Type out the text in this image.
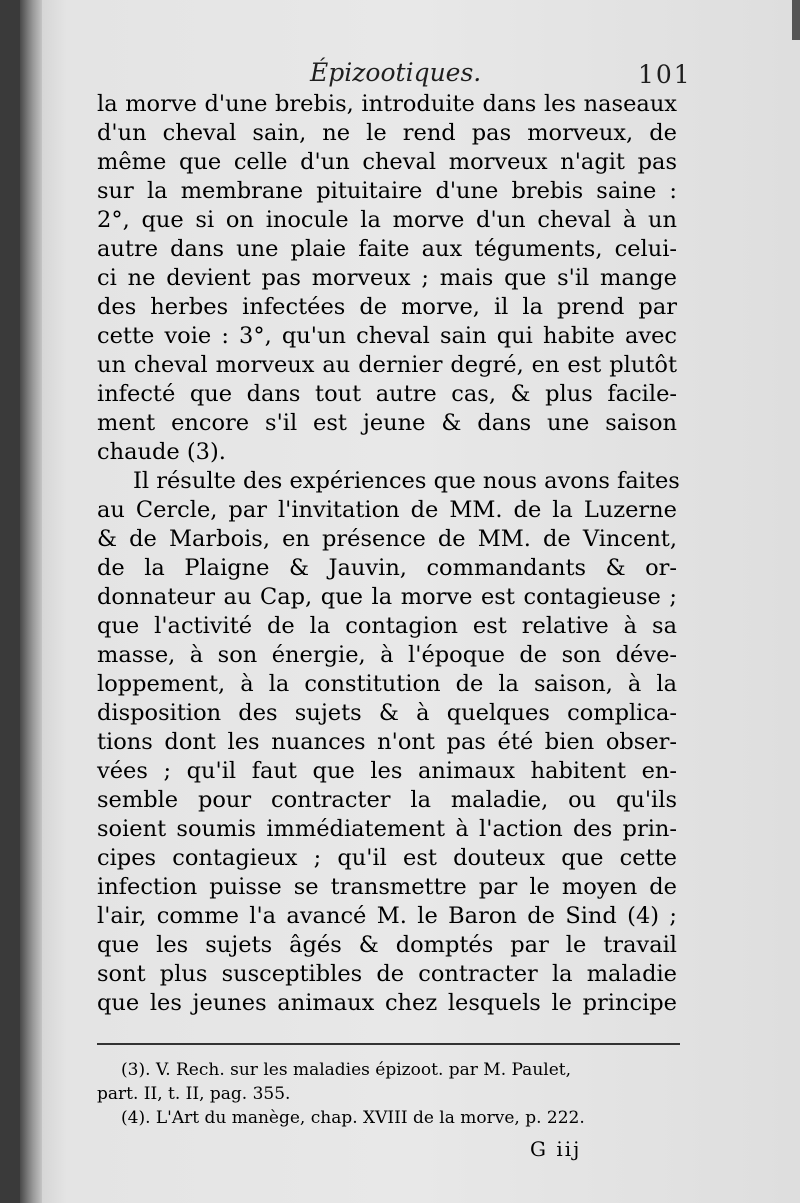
Épizootiques.	101
la morve d'une brebis, introduite dans les naseaux
d'un cheval sain, ne le rend pas morveux, de
même que celle d'un cheval morveux n'agit pas
sur la membrane pituitaire d'une brebis saine :
2°, que si on inocule la morve d'un cheval à un
autre dans une plaie faite aux téguments, celui-
ci ne devient pas morveux ; mais que s'il mange
des herbes infectées de morve, il la prend par
cette voie : 3°, qu'un cheval sain qui habite avec
un cheval morveux au dernier degré, en est plutôt
infecté que dans tout autre cas, & plus facile-
ment encore s'il est jeune & dans une saison
chaude (3).
Il résulte des expériences que nous avons faites
au Cercle, par l'invitation de MM. de la Luzerne
& de Marbois, en présence de MM. de Vincent,
de la Plaigne & Jauvin, commandants & or-
donnateur au Cap, que la morve est contagieuse ;
que l'activité de la contagion est relative à sa
masse, à son énergie, à l'époque de son déve-
loppement, à la constitution de la saison, à la
disposition des sujets & à quelques complica-
tions dont les nuances n'ont pas été bien obser-
vées ; qu'il faut que les animaux habitent en-
semble pour contracter la maladie, ou qu'ils
soient soumis immédiatement à l'action des prin-
cipes contagieux ; qu'il est douteux que cette
infection puisse se transmettre par le moyen de
l'air, comme l'a avancé M. le Baron de Sind (4) ;
que les sujets âgés & domptés par le travail
sont plus susceptibles de contracter la maladie
que les jeunes animaux chez lesquels le principe
(3). V. Rech. sur les maladies épizoot. par M. Paulet,
part. II, t. II, pag. 355.
(4). L'Art du manège, chap. XVIII de la morve, p. 222.
G iij
